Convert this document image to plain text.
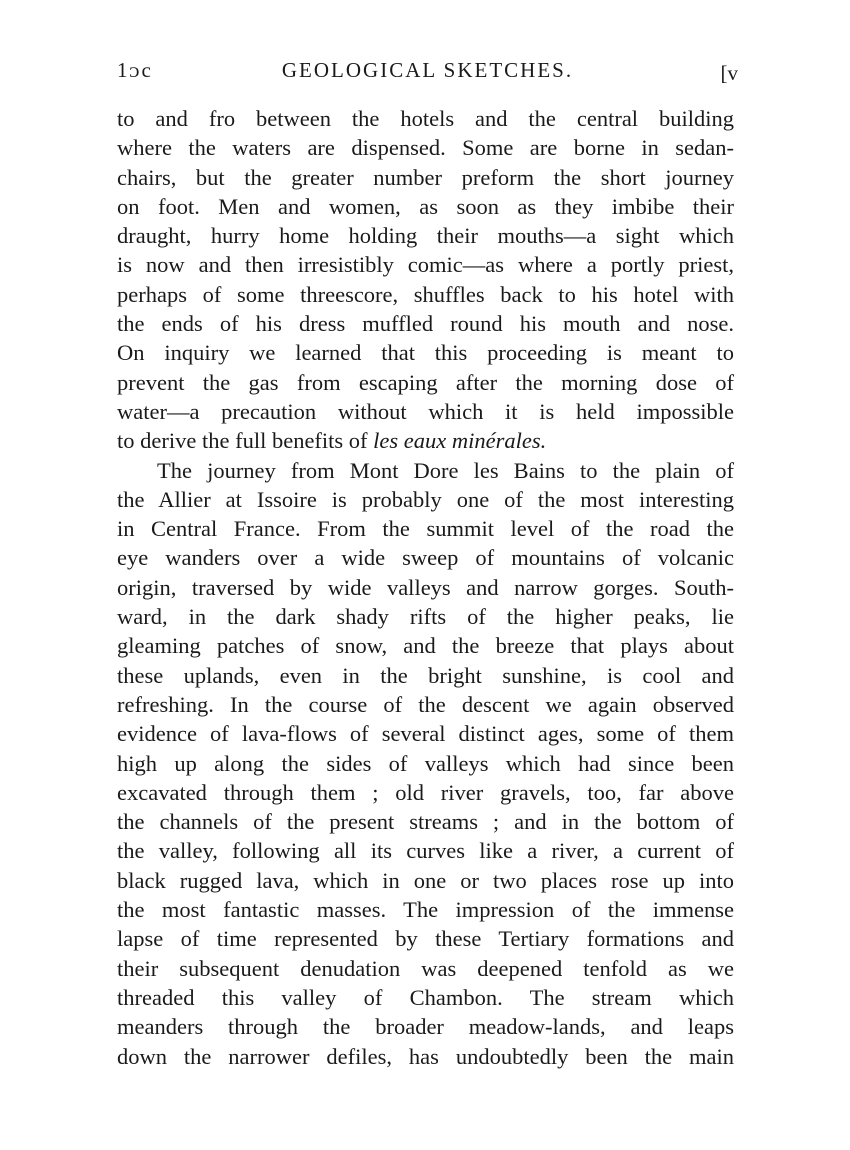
1ᴐc	GEOLOGICAL SKETCHES.	[v

to and fro between the hotels and the central building
where the waters are dispensed. Some are borne in sedan-
chairs, but the greater number preform the short journey
on foot. Men and women, as soon as they imbibe their
draught, hurry home holding their mouths—a sight which
is now and then irresistibly comic—as where a portly priest,
perhaps of some threescore, shuffles back to his hotel with
the ends of his dress muffled round his mouth and nose.
On inquiry we learned that this proceeding is meant to
prevent the gas from escaping after the morning dose of
water—a precaution without which it is held impossible
to derive the full benefits of les eaux minérales.

The journey from Mont Dore les Bains to the plain of
the Allier at Issoire is probably one of the most interesting
in Central France. From the summit level of the road the
eye wanders over a wide sweep of mountains of volcanic
origin, traversed by wide valleys and narrow gorges. South-
ward, in the dark shady rifts of the higher peaks, lie
gleaming patches of snow, and the breeze that plays about
these uplands, even in the bright sunshine, is cool and
refreshing. In the course of the descent we again observed
evidence of lava-flows of several distinct ages, some of them
high up along the sides of valleys which had since been
excavated through them ; old river gravels, too, far above
the channels of the present streams ; and in the bottom of
the valley, following all its curves like a river, a current of
black rugged lava, which in one or two places rose up into
the most fantastic masses. The impression of the immense
lapse of time represented by these Tertiary formations and
their subsequent denudation was deepened tenfold as we
threaded this valley of Chambon. The stream which
meanders through the broader meadow-lands, and leaps
down the narrower defiles, has undoubtedly been the main
